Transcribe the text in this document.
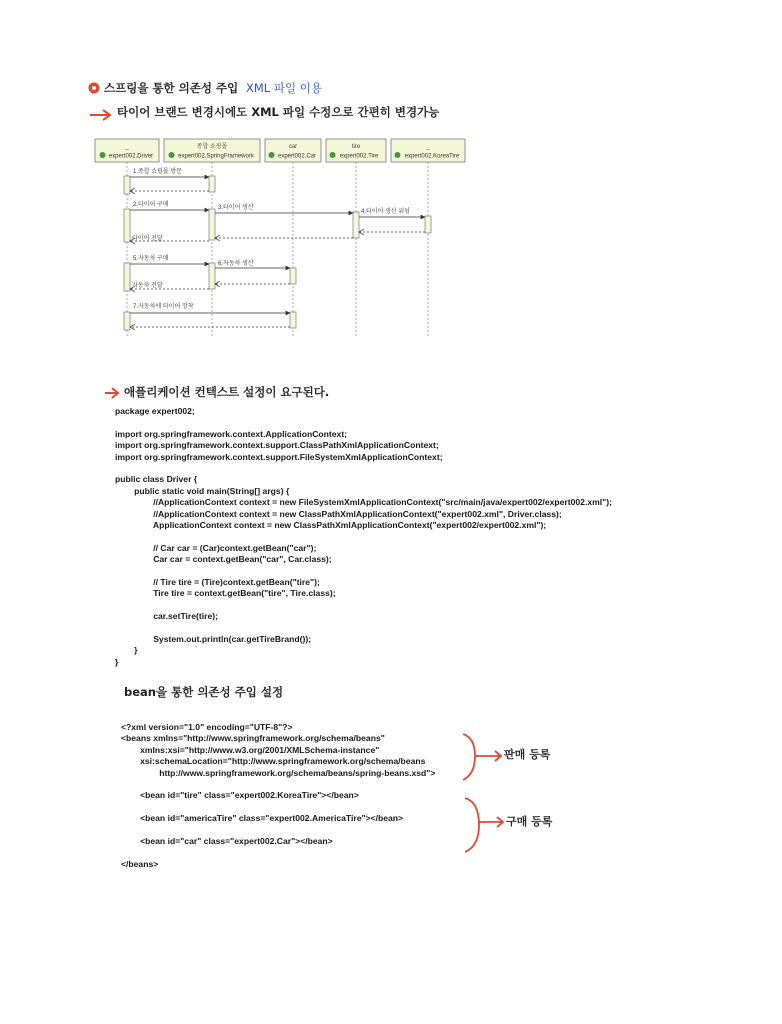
스프링을 통한 의존성 주입 XML 파일 이용
타이어 브랜드 변경시에도 XML 파일 수정으로 간편히 변경가능
_
expert002.Driver
종합 쇼핑몰
expert002.SpringFramework
car
expert002.Car
tire
expert002.Tire
_
expert002.KoreaTire
1.종합 쇼핑몰 방문
2.타이어 구매	3.타이어 생산
4.타이어 생산 위임
타이어 전달
5.자동차 구매
6.자동차 생산
자동차 전달
7.자동차에 타이어 장착
애플리케이션 컨텍스트 설정이 요구된다.
package expert002;
import org.springframework.context.ApplicationContext;
import org.springframework.context.support.ClassPathXmlApplicationContext;
import org.springframework.context.support.FileSystemXmlApplicationContext;
public class Driver {
public static void main(String[] args) {
//ApplicationContext context = new FileSystemXmlApplicationContext("src/main/java/expert002/expert002.xml");
//ApplicationContext context = new ClassPathXmlApplicationContext("expert002.xml", Driver.class);
ApplicationContext context = new ClassPathXmlApplicationContext("expert002/expert002.xml");
// Car car = (Car)context.getBean("car");
Car car = context.getBean("car", Car.class);
// Tire tire = (Tire)context.getBean("tire");
Tire tire = context.getBean("tire", Tire.class);
car.setTire(tire);
System.out.println(car.getTireBrand());
}
}
bean을 통한 의존성 주입 설정
<?xml version="1.0" encoding="UTF-8"?>
<beans xmlns="http://www.springframework.org/schema/beans"
xmlns:xsi="http://www.w3.org/2001/XMLSchema-instance"
xsi:schemaLocation="http://www.springframework.org/schema/beans
http://www.springframework.org/schema/beans/spring-beans.xsd">
<bean id="tire" class="expert002.KoreaTire"></bean>
<bean id="americaTire" class="expert002.AmericaTire"></bean>
<bean id="car" class="expert002.Car"></bean>
</beans>
판매 등록
구매 등록
